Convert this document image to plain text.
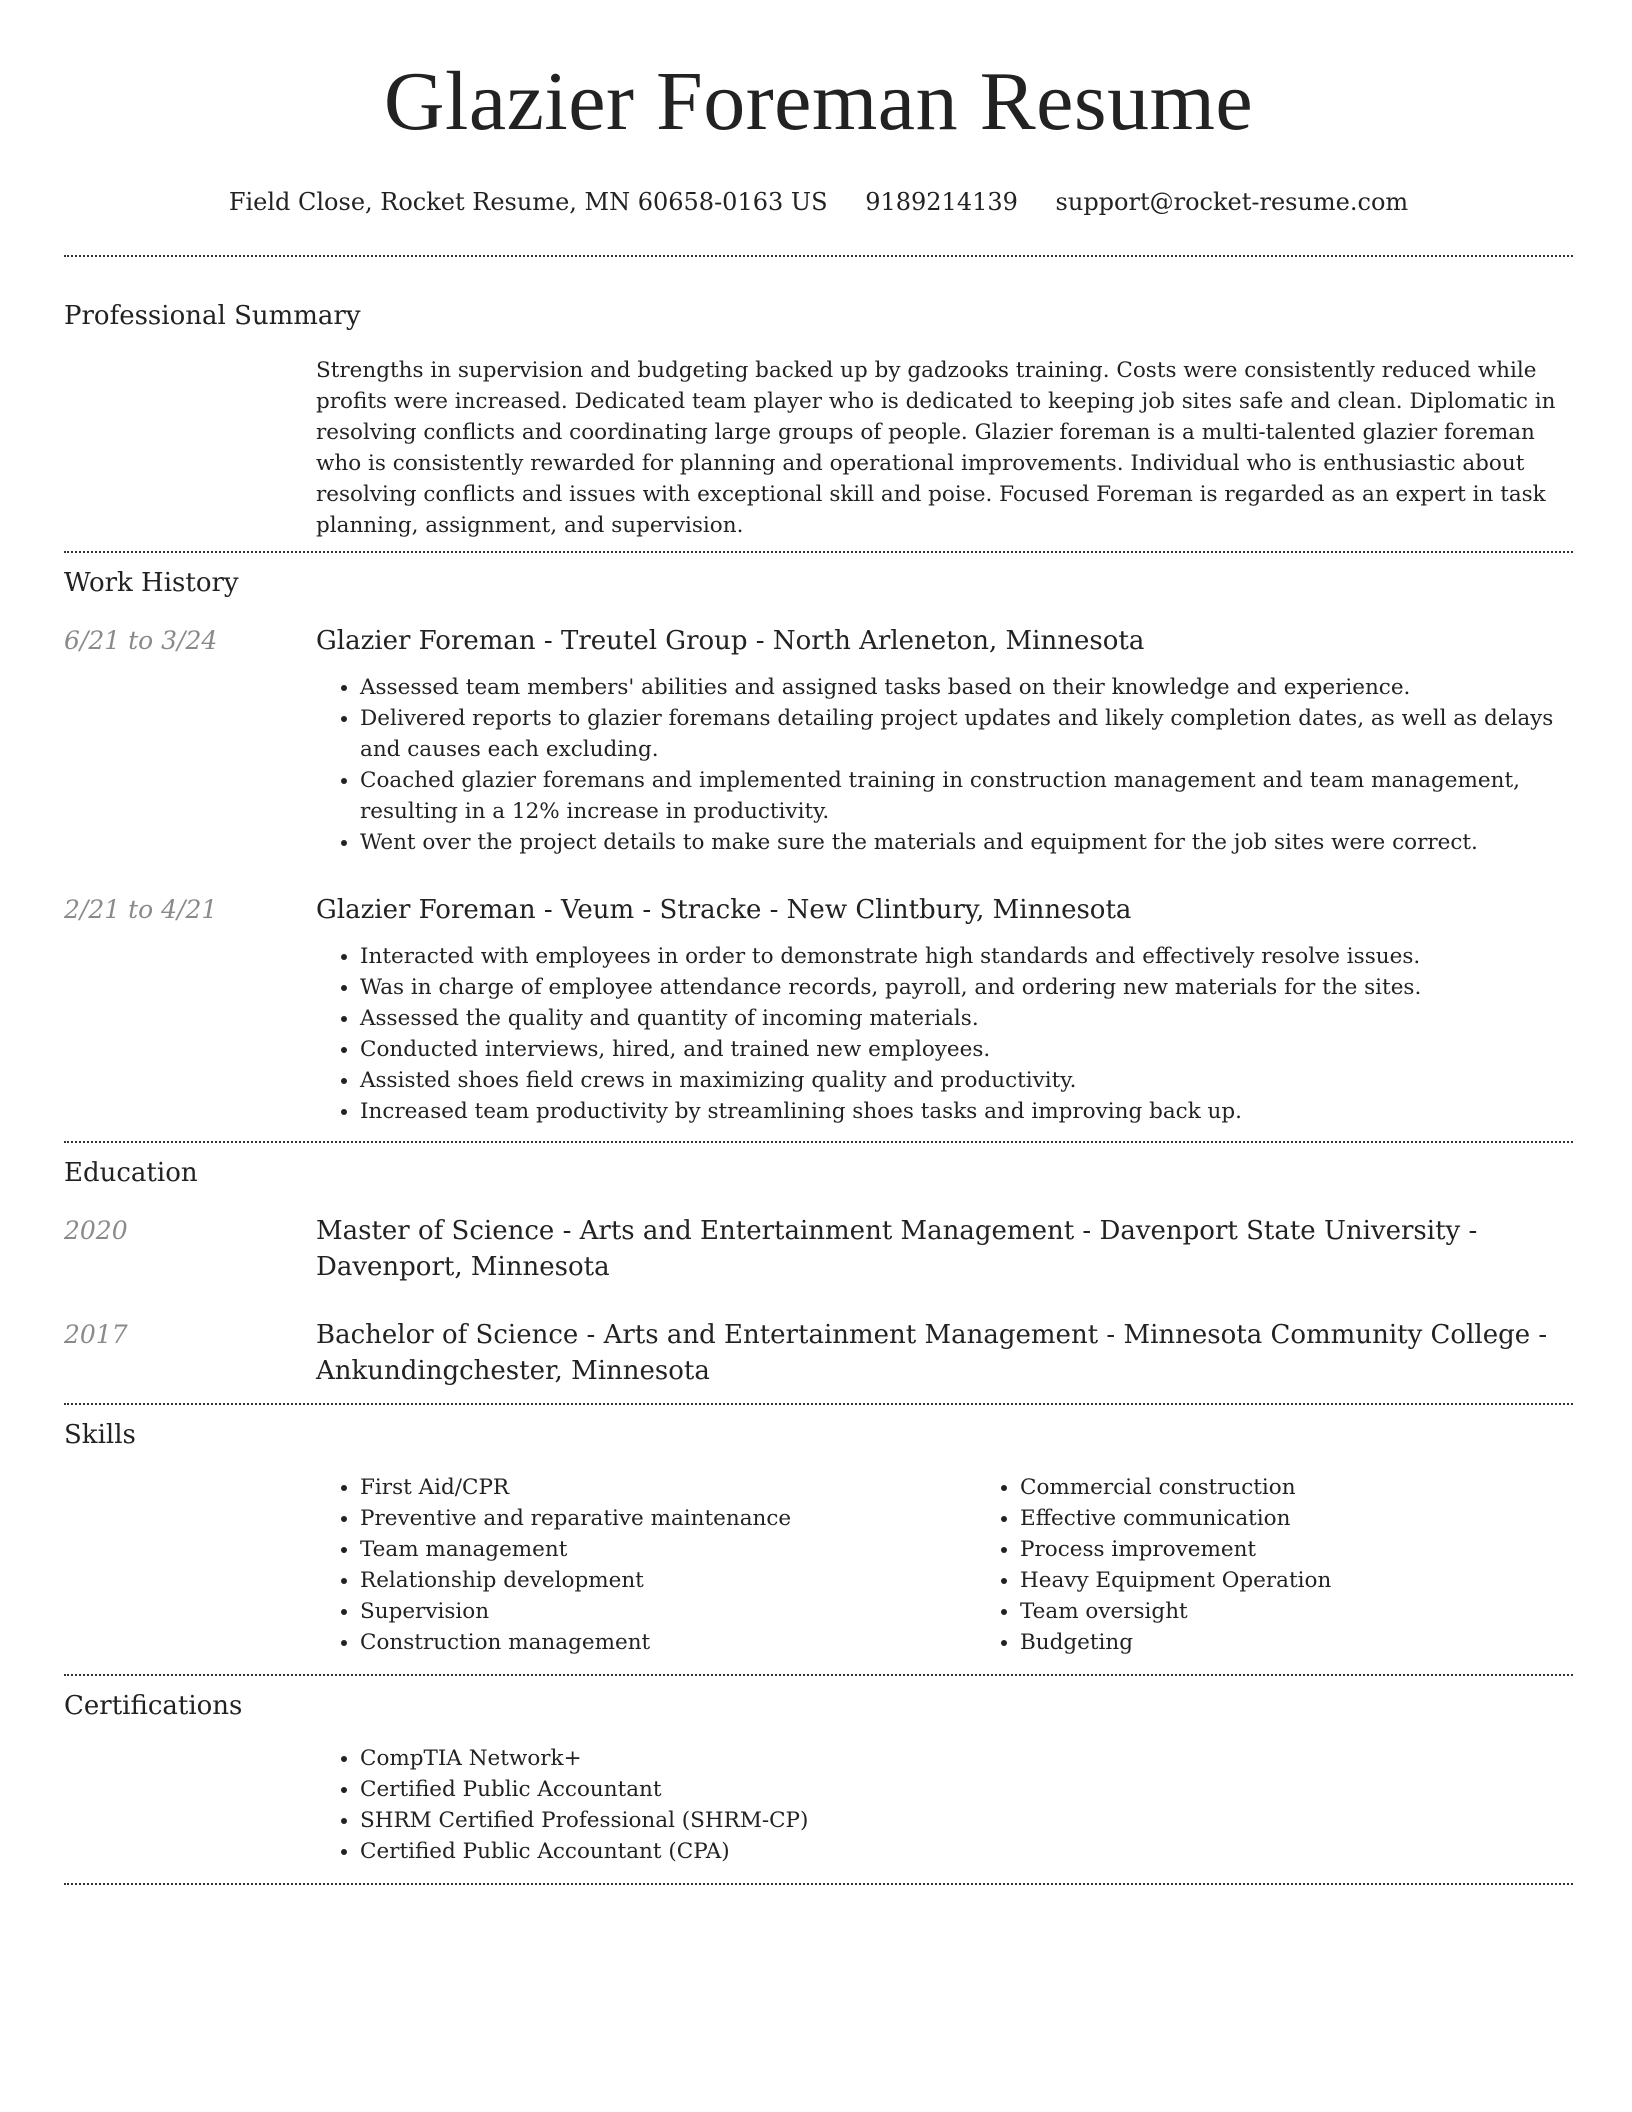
Glazier Foreman Resume
Field Close, Rocket Resume, MN 60658-0163 US 9189214139 support@rocket-resume.com
Professional Summary
Strengths in supervision and budgeting backed up by gadzooks training. Costs were consistently reduced while profits were increased. Dedicated team player who is dedicated to keeping job sites safe and clean. Diplomatic in resolving conflicts and coordinating large groups of people. Glazier foreman is a multi-talented glazier foreman who is consistently rewarded for planning and operational improvements. Individual who is enthusiastic about resolving conflicts and issues with exceptional skill and poise. Focused Foreman is regarded as an expert in task planning, assignment, and supervision.
Work History
6/21 to 3/24	Glazier Foreman - Treutel Group - North Arleneton, Minnesota
• Assessed team members' abilities and assigned tasks based on their knowledge and experience.
• Delivered reports to glazier foremans detailing project updates and likely completion dates, as well as delays and causes each excluding.
• Coached glazier foremans and implemented training in construction management and team management, resulting in a 12% increase in productivity.
• Went over the project details to make sure the materials and equipment for the job sites were correct.
2/21 to 4/21	Glazier Foreman - Veum - Stracke - New Clintbury, Minnesota
• Interacted with employees in order to demonstrate high standards and effectively resolve issues.
• Was in charge of employee attendance records, payroll, and ordering new materials for the sites.
• Assessed the quality and quantity of incoming materials.
• Conducted interviews, hired, and trained new employees.
• Assisted shoes field crews in maximizing quality and productivity.
• Increased team productivity by streamlining shoes tasks and improving back up.
Education
2020	Master of Science - Arts and Entertainment Management - Davenport State University - Davenport, Minnesota
2017	Bachelor of Science - Arts and Entertainment Management - Minnesota Community College - Ankundingchester, Minnesota
Skills
• First Aid/CPR
• Preventive and reparative maintenance
• Team management
• Relationship development
• Supervision
• Construction management
• Commercial construction
• Effective communication
• Process improvement
• Heavy Equipment Operation
• Team oversight
• Budgeting
Certifications
• CompTIA Network+
• Certified Public Accountant
• SHRM Certified Professional (SHRM-CP)
• Certified Public Accountant (CPA)
